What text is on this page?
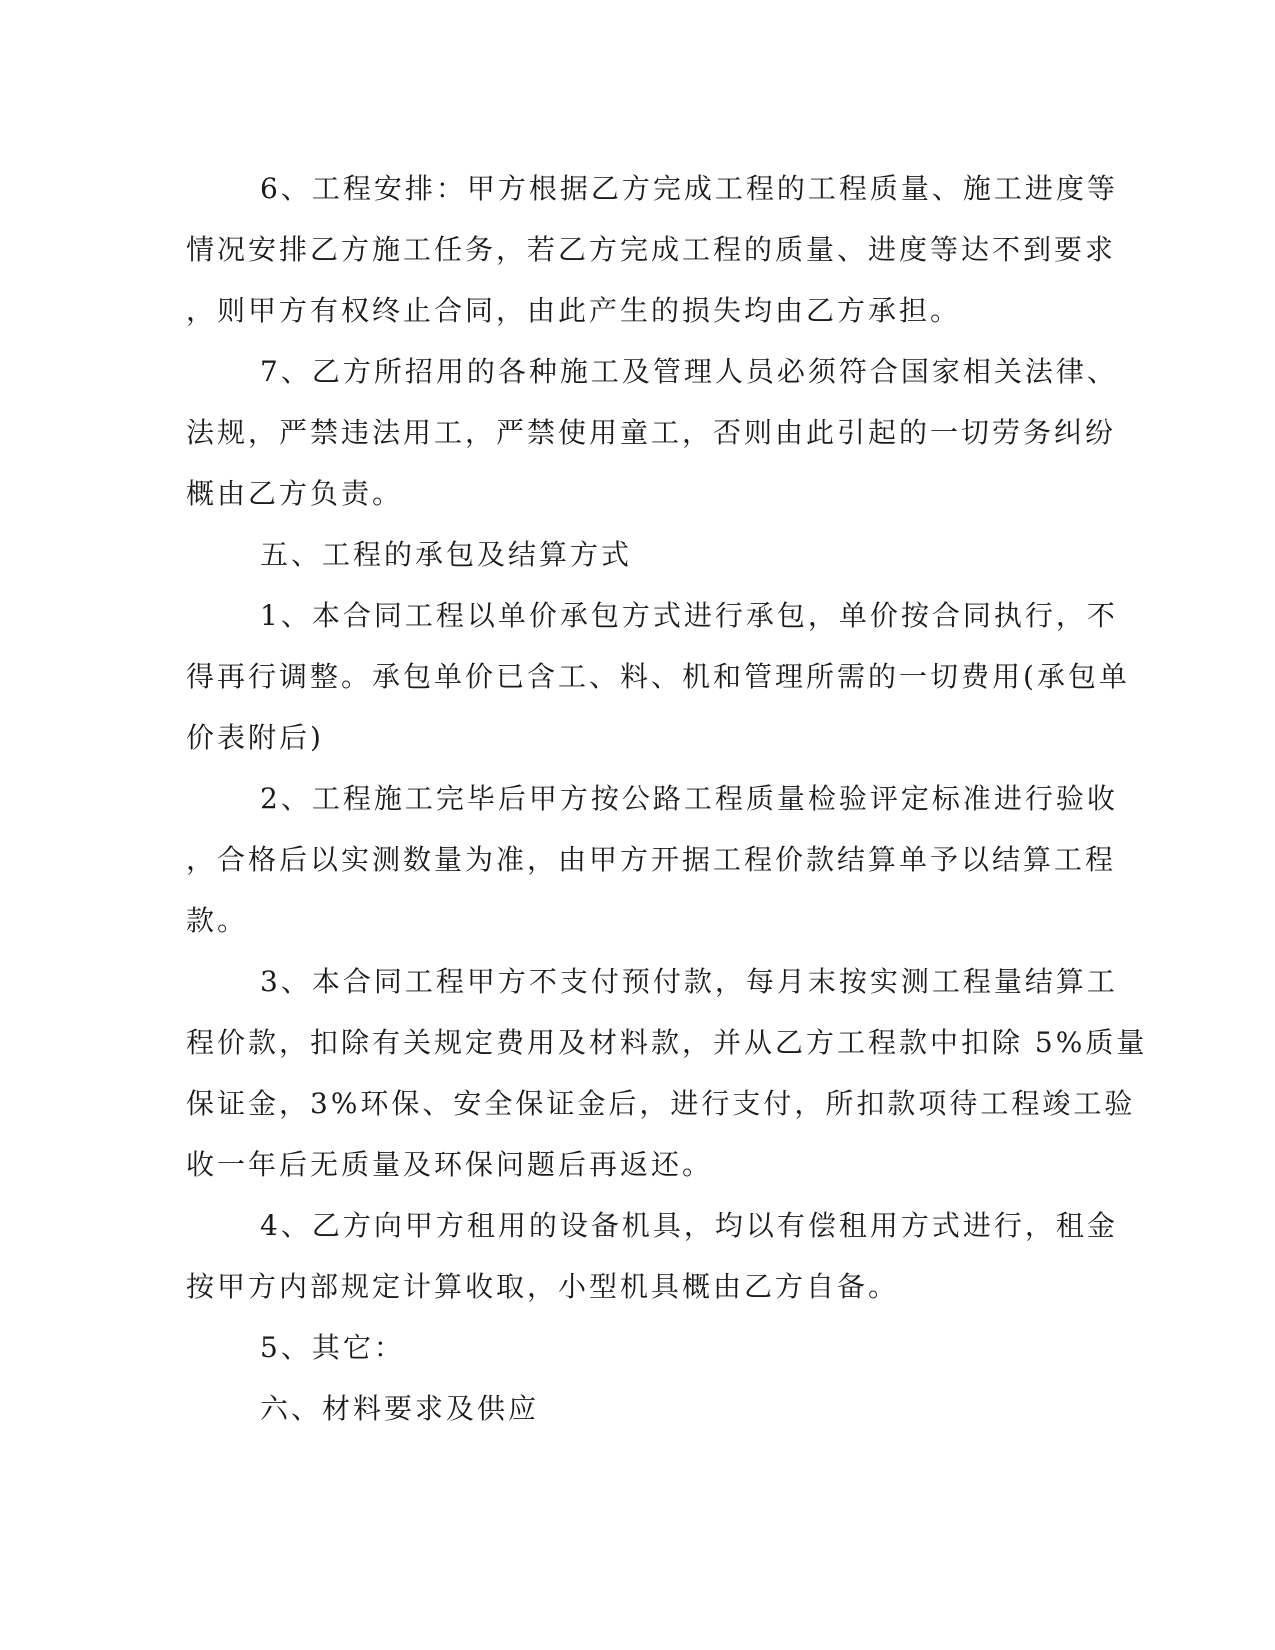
6、工程安排：甲方根据乙方完成工程的工程质量、施工进度等
情况安排乙方施工任务，若乙方完成工程的质量、进度等达不到要求
，则甲方有权终止合同，由此产生的损失均由乙方承担。
7、乙方所招用的各种施工及管理人员必须符合国家相关法律、
法规，严禁违法用工，严禁使用童工，否则由此引起的一切劳务纠纷
概由乙方负责。
五、工程的承包及结算方式
1、本合同工程以单价承包方式进行承包，单价按合同执行，不
得再行调整。承包单价已含工、料、机和管理所需的一切费用(承包单
价表附后)
2、工程施工完毕后甲方按公路工程质量检验评定标准进行验收
，合格后以实测数量为准，由甲方开据工程价款结算单予以结算工程
款。
3、本合同工程甲方不支付预付款，每月末按实测工程量结算工
程价款，扣除有关规定费用及材料款，并从乙方工程款中扣除 5%质量
保证金，3%环保、安全保证金后，进行支付，所扣款项待工程竣工验
收一年后无质量及环保问题后再返还。
4、乙方向甲方租用的设备机具，均以有偿租用方式进行，租金
按甲方内部规定计算收取，小型机具概由乙方自备。
5、其它：
六、材料要求及供应
